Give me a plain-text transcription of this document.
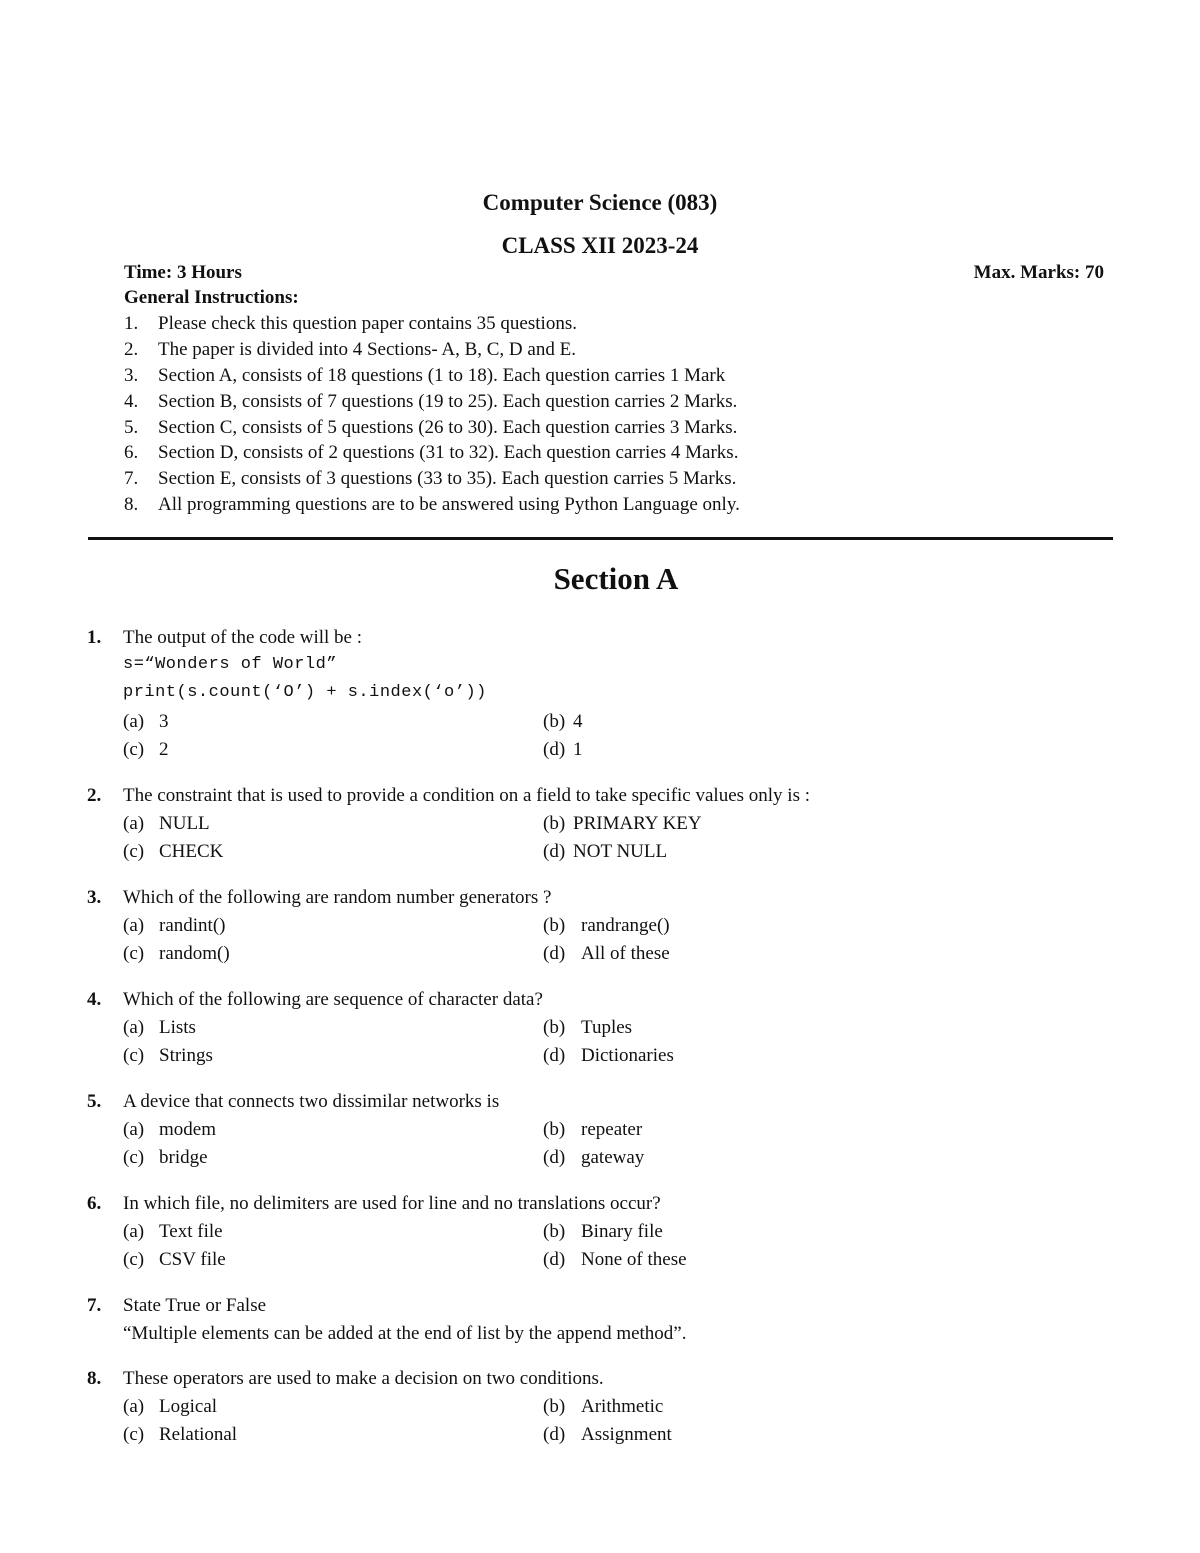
Computer Science (083)
CLASS XII 2023-24
Time: 3 Hours	Max. Marks: 70
General Instructions:
1.	Please check this question paper contains 35 questions.
2.	The paper is divided into 4 Sections- A, B, C, D and E.
3.	Section A, consists of 18 questions (1 to 18). Each question carries 1 Mark
4.	Section B, consists of 7 questions (19 to 25). Each question carries 2 Marks.
5.	Section C, consists of 5 questions (26 to 30). Each question carries 3 Marks.
6.	Section D, consists of 2 questions (31 to 32). Each question carries 4 Marks.
7.	Section E, consists of 3 questions (33 to 35). Each question carries 5 Marks.
8.	All programming questions are to be answered using Python Language only.
Section A
1.	The output of the code will be :
s=“Wonders of World”
print(s.count(‘O’) + s.index(‘o’))
(a) 3	(b) 4
(c) 2	(d) 1
2.	The constraint that is used to provide a condition on a field to take specific values only is :
(a) NULL	(b) PRIMARY KEY
(c) CHECK	(d) NOT NULL
3.	Which of the following are random number generators ?
(a) randint()	(b) randrange()
(c) random()	(d) All of these
4.	Which of the following are sequence of character data?
(a) Lists	(b) Tuples
(c) Strings	(d) Dictionaries
5.	A device that connects two dissimilar networks is
(a) modem	(b) repeater
(c) bridge	(d) gateway
6.	In which file, no delimiters are used for line and no translations occur?
(a) Text file	(b) Binary file
(c) CSV file	(d) None of these
7.	State True or False
“Multiple elements can be added at the end of list by the append method”.
8.	These operators are used to make a decision on two conditions.
(a) Logical	(b) Arithmetic
(c) Relational	(d) Assignment
